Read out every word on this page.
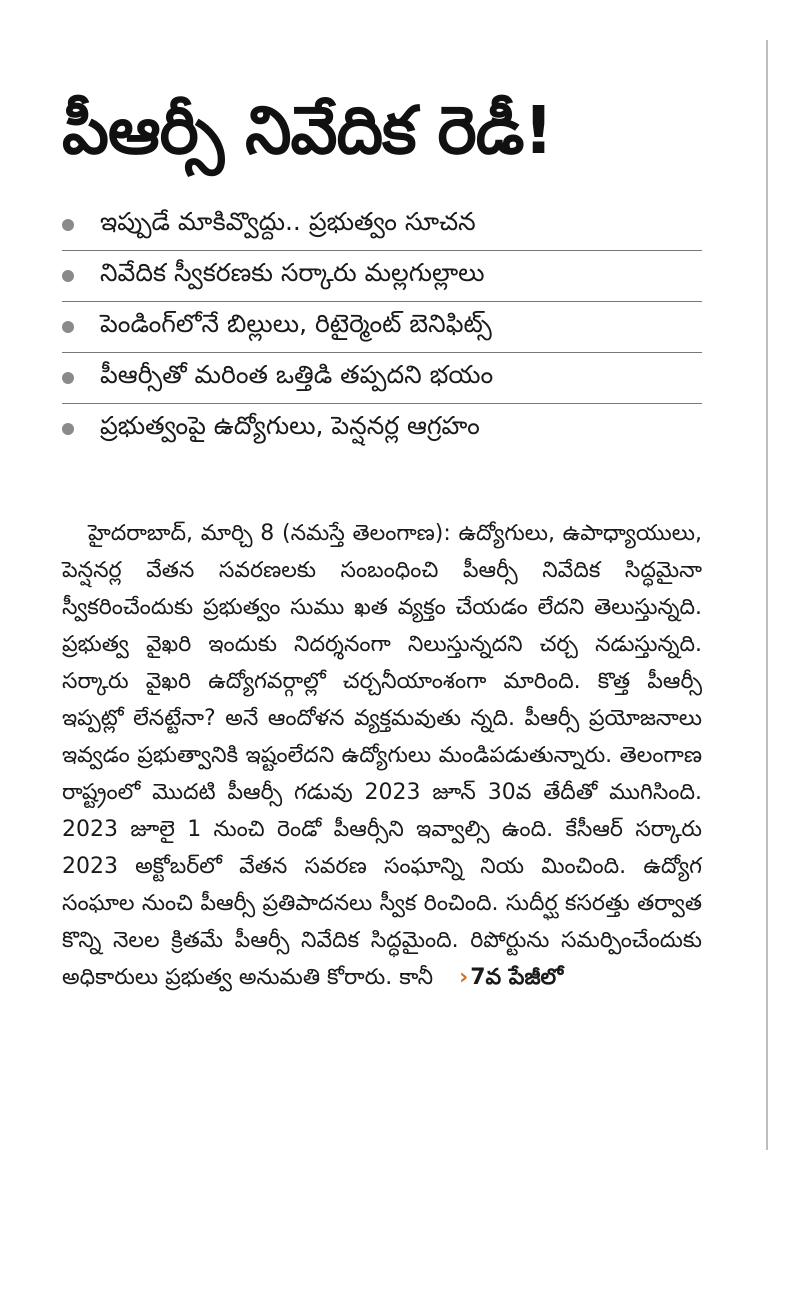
పీఆర్సీ నివేదిక రెడీ!
ఇప్పుడే మాకివ్వొద్దు.. ప్రభుత్వం సూచన
నివేదిక స్వీకరణకు సర్కారు మల్లగుల్లాలు
పెండింగ్‌లోనే బిల్లులు, రిటైర్మెంట్ బెనిఫిట్స్
పీఆర్సీతో మరింత ఒత్తిడి తప్పదని భయం
ప్రభుత్వంపై ఉద్యోగులు, పెన్షనర్ల ఆగ్రహం

హైదరాబాద్, మార్చి 8 (నమస్తే తెలంగాణ): ఉద్యోగులు, ఉపాధ్యాయులు, పెన్షనర్ల వేతన సవరణలకు సంబంధించి పీఆర్సీ నివేదిక సిద్ధమైనా స్వీకరించేందుకు ప్రభుత్వం సుము ఖత వ్యక్తం చేయడం లేదని తెలుస్తున్నది. ప్రభుత్వ వైఖరి ఇందుకు నిదర్శనంగా నిలుస్తున్నదని చర్చ నడుస్తున్నది. సర్కారు వైఖరి ఉద్యోగవర్గాల్లో చర్చనీయాంశంగా మారింది. కొత్త పీఆర్సీ ఇప్పట్లో లేనట్టేనా? అనే ఆందోళన వ్యక్తమవుతు న్నది. పీఆర్సీ ప్రయోజనాలు ఇవ్వడం ప్రభుత్వానికి ఇష్టంలేదని ఉద్యోగులు మండిపడుతున్నారు. తెలంగాణ రాష్ట్రంలో మొదటి పీఆర్సీ గడువు 2023 జూన్ 30వ తేదీతో ముగిసింది. 2023 జూలై 1 నుంచి రెండో పీఆర్సీని ఇవ్వాల్సి ఉంది. కేసీఆర్ సర్కారు 2023 అక్టోబర్‌లో వేతన సవరణ సంఘాన్ని నియ మించింది. ఉద్యోగ సంఘాల నుంచి పీఆర్సీ ప్రతిపాదనలు స్వీక రించింది. సుదీర్ఘ కసరత్తు తర్వాత కొన్ని నెలల క్రితమే పీఆర్సీ నివేదిక సిద్ధమైంది. రిపోర్టును సమర్పించేందుకు అధికారులు ప్రభుత్వ అనుమతి కోరారు. కానీ ›7వ పేజీలో
